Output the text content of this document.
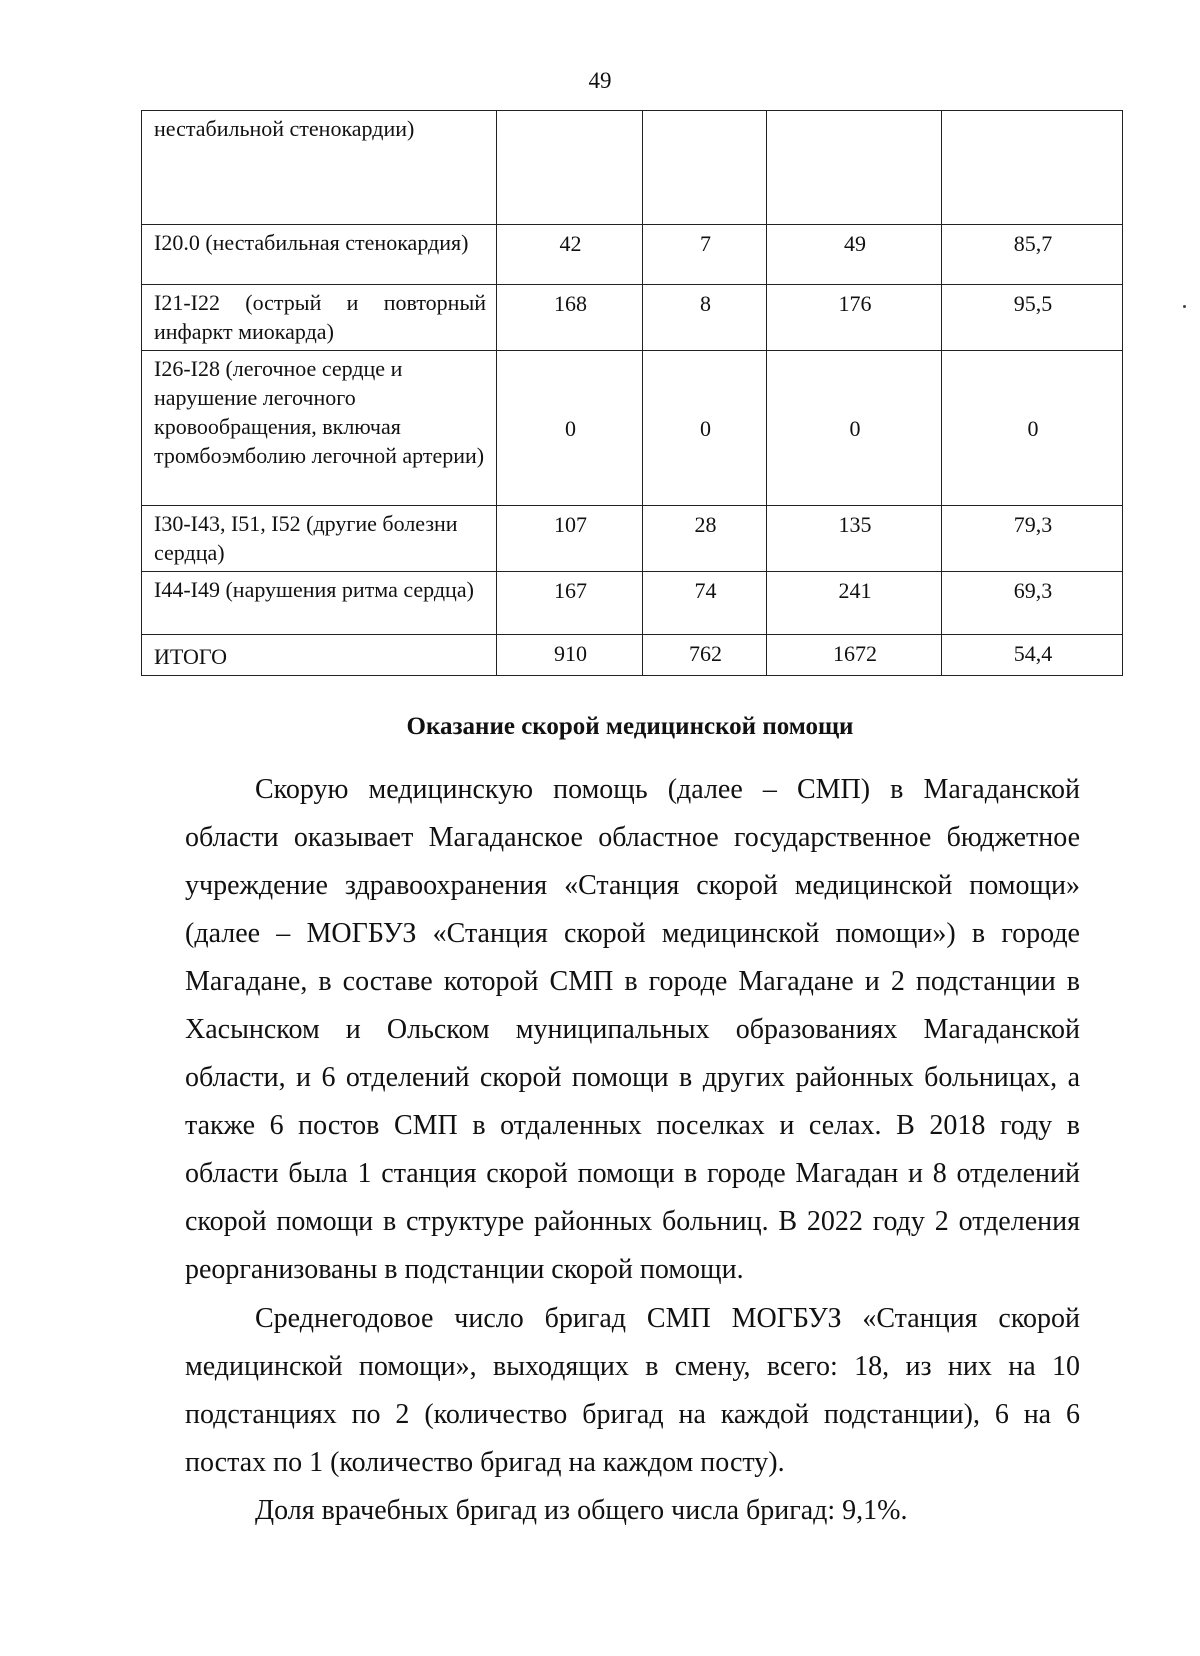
49
нестабильной стенокардии)				
I20.0 (нестабильная стенокардия)	42	7	49	85,7
I21-I22 (острый и повторный инфаркт миокарда)	168	8	176	95,5
I26-I28 (легочное сердце и нарушение легочного кровообращения, включая тромбоэмболию легочной артерии)	0	0	0	0
I30-I43, I51, I52 (другие болезни сердца)	107	28	135	79,3
I44-I49 (нарушения ритма сердца)	167	74	241	69,3
ИТОГО	910	762	1672	54,4
Оказание скорой медицинской помощи

Скорую медицинскую помощь (далее – СМП) в Магаданской области оказывает Магаданское областное государственное бюджетное учреждение здравоохранения «Станция скорой медицинской помощи» (далее – МОГБУЗ «Станция скорой медицинской помощи») в городе Магадане, в составе которой СМП в городе Магадане и 2 подстанции в Хасынском и Ольском муниципальных образованиях Магаданской области, и 6 отделений скорой помощи в других районных больницах, а также 6 постов СМП в отдаленных поселках и селах. В 2018 году в области была 1 станция скорой помощи в городе Магадан и 8 отделений скорой помощи в структуре районных больниц. В 2022 году 2 отделения реорганизованы в подстанции скорой помощи.

Среднегодовое число бригад СМП МОГБУЗ «Станция скорой медицинской помощи», выходящих в смену, всего: 18, из них на 10 подстанциях по 2 (количество бригад на каждой подстанции), 6 на 6 постах по 1 (количество бригад на каждом посту).

Доля врачебных бригад из общего числа бригад: 9,1%.
